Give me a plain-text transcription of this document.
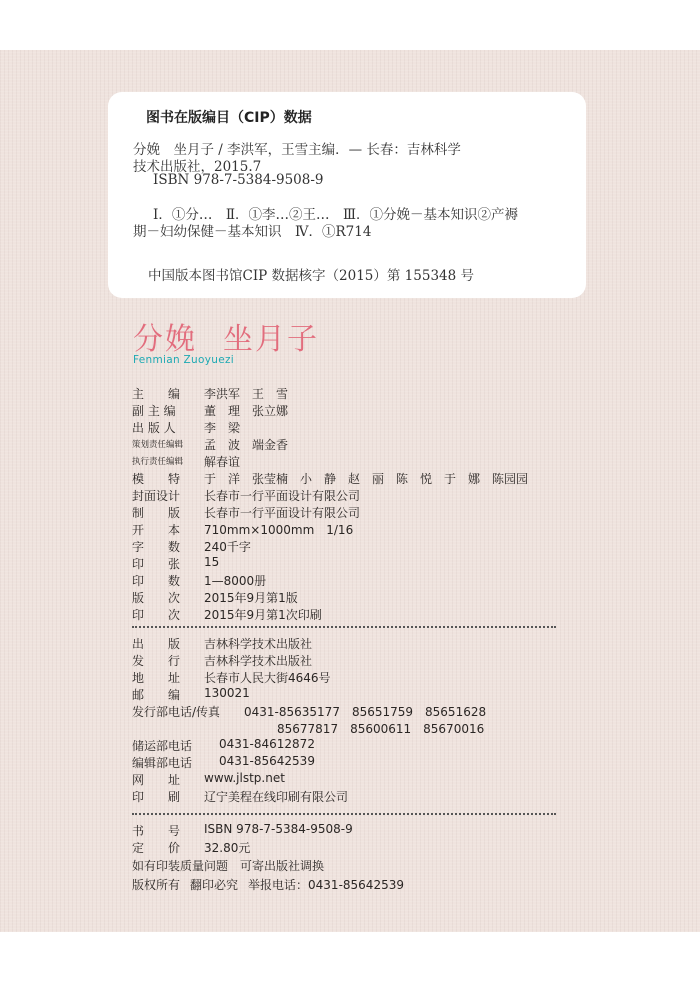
图书在版编目（CIP）数据
分娩　坐月子 / 李洪军，王雪主编．— 长春：吉林科学
技术出版社，2015.7
ISBN 978-7-5384-9508-9
Ⅰ．①分…　Ⅱ．①李…②王…　Ⅲ．①分娩－基本知识②产褥
期－妇幼保健－基本知识　Ⅳ．①R714
中国版本图书馆CIP 数据核字（2015）第 155348 号
分娩 坐月子
Fenmian Zuoyuezi
主　　编 李洪军　王　雪
副 主 编 董　理　张立娜
出 版 人 李　梁
策划责任编辑 孟　波　端金香
执行责任编辑 解春谊
模　　特 于　洋　张莹楠　小　静　赵　丽　陈　悦　于　娜　陈园园
封面设计 长春市一行平面设计有限公司
制　　版 长春市一行平面设计有限公司
开　　本 710mm×1000mm　1/16
字　　数 240千字
印　　张 15
印　　数 1—8000册
版　　次 2015年9月第1版
印　　次 2015年9月第1次印刷
出　　版 吉林科学技术出版社
发　　行 吉林科学技术出版社
地　　址 长春市人民大街4646号
邮　　编 130021
发行部电话/传真 0431-85635177　85651759　85651628
85677817　85600611　85670016
储运部电话 0431-84612872
编辑部电话 0431-85642539
网　　址 www.jlstp.net
印　　刷 辽宁美程在线印刷有限公司
书　　号 ISBN 978-7-5384-9508-9
定　　价 32.80元
如有印装质量问题　可寄出版社调换
版权所有 翻印必究 举报电话：0431-85642539
